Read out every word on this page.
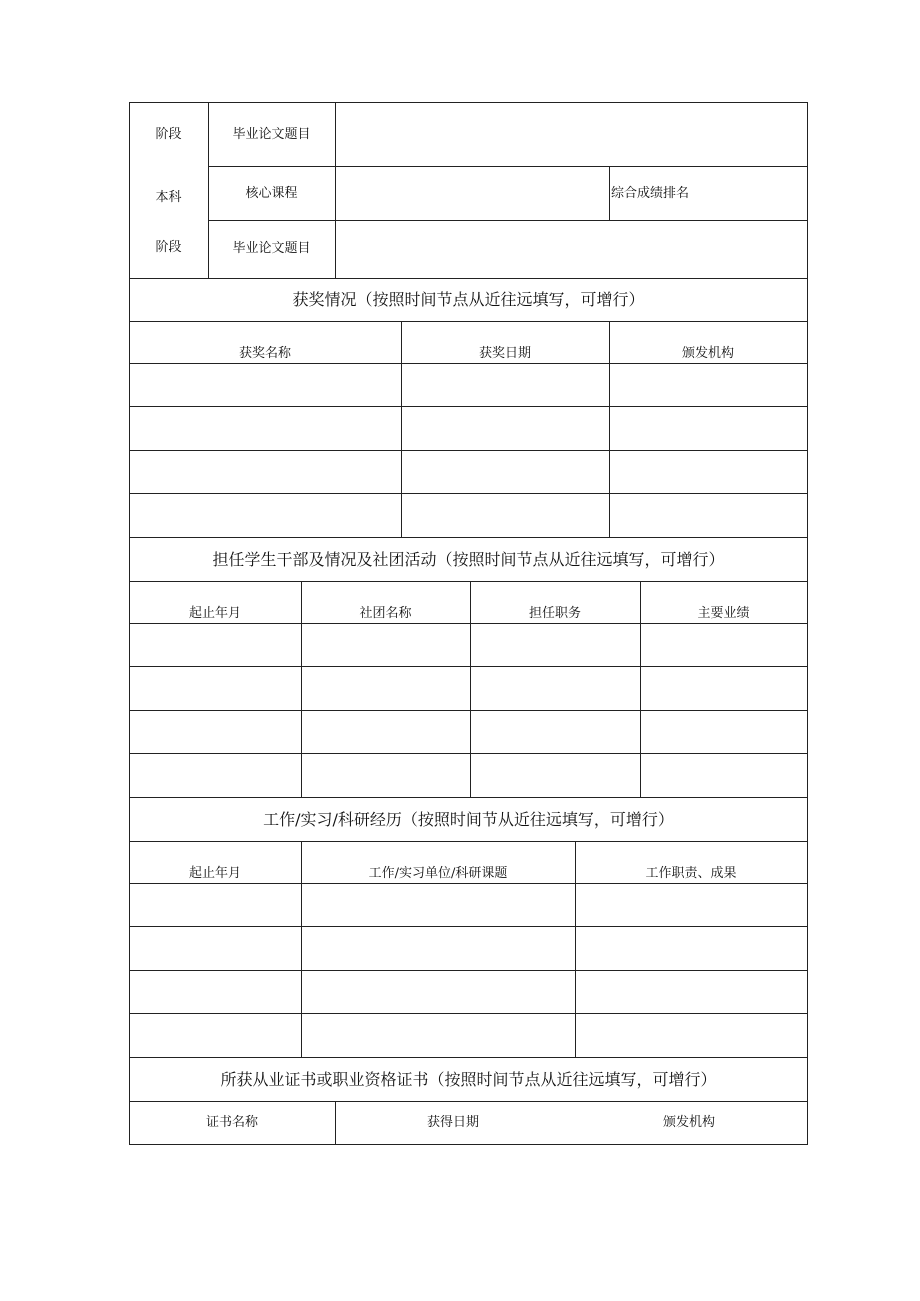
阶段	毕业论文题目
本科	核心课程	综合成绩排名
阶段	毕业论文题目
获奖情况（按照时间节点从近往远填写，可增行）
获奖名称	获奖日期	颁发机构
担任学生干部及情况及社团活动（按照时间节点从近往远填写，可增行）
起止年月	社团名称	担任职务	主要业绩
工作/实习/科研经历（按照时间节从近往远填写，可增行）
起止年月	工作/实习单位/科研课题	工作职责、成果
所获从业证书或职业资格证书（按照时间节点从近往远填写，可增行）
证书名称	获得日期	颁发机构
